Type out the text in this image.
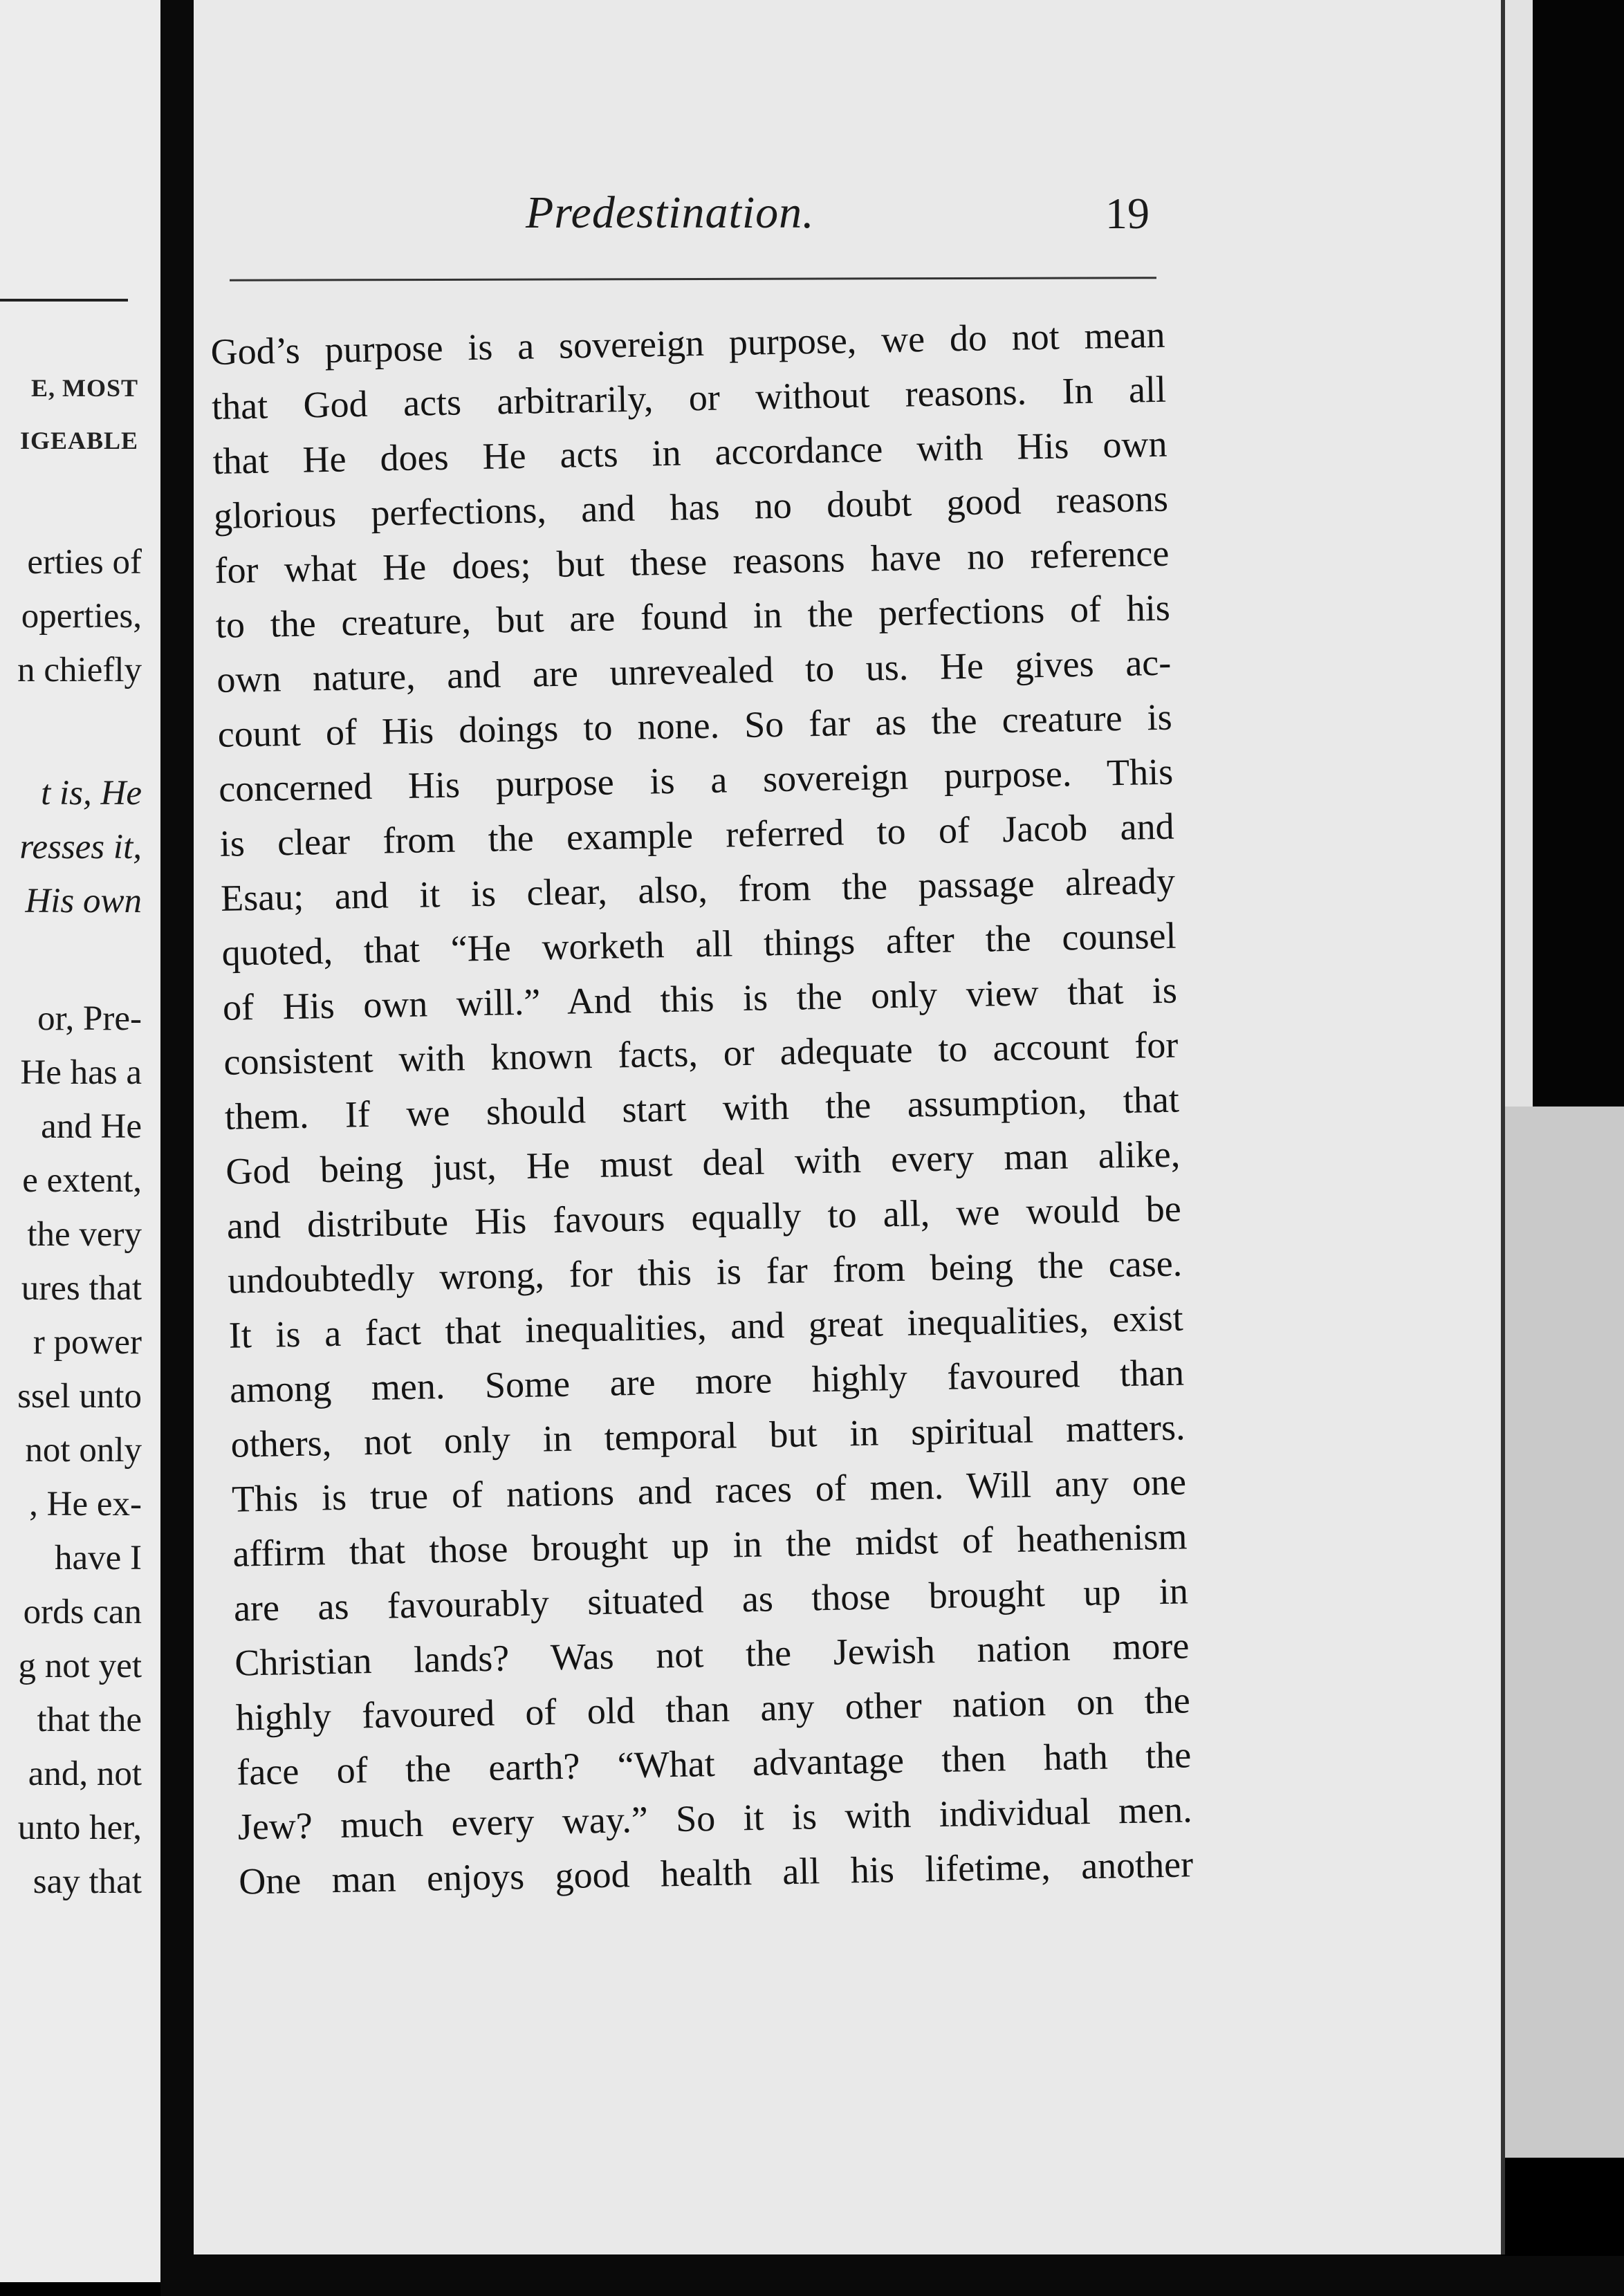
E, MOST
IGEABLE
erties of
operties,
n chiefly
t is, He
resses it,
His own
or, Pre-
He has a
and He
e extent,
the very
ures that
r power
ssel unto
not only
, He ex-
have I
ords can
g not yet
that the
and, not
unto her,
say that
Predestination.	19
God’s purpose is a sovereign purpose, we do not mean
that God acts arbitrarily, or without reasons. In all
that He does He acts in accordance with His own
glorious perfections, and has no doubt good reasons
for what He does; but these reasons have no reference
to the creature, but are found in the perfections of his
own nature, and are unrevealed to us. He gives ac-
count of His doings to none. So far as the creature is
concerned His purpose is a sovereign purpose. This
is clear from the example referred to of Jacob and
Esau; and it is clear, also, from the passage already
quoted, that “He worketh all things after the counsel
of His own will.” And this is the only view that is
consistent with known facts, or adequate to account for
them. If we should start with the assumption, that
God being just, He must deal with every man alike,
and distribute His favours equally to all, we would be
undoubtedly wrong, for this is far from being the case.
It is a fact that inequalities, and great inequalities, exist
among men. Some are more highly favoured than
others, not only in temporal but in spiritual matters.
This is true of nations and races of men. Will any one
affirm that those brought up in the midst of heathenism
are as favourably situated as those brought up in
Christian lands? Was not the Jewish nation more
highly favoured of old than any other nation on the
face of the earth? “What advantage then hath the
Jew? much every way.” So it is with individual men.
One man enjoys good health all his lifetime, another
